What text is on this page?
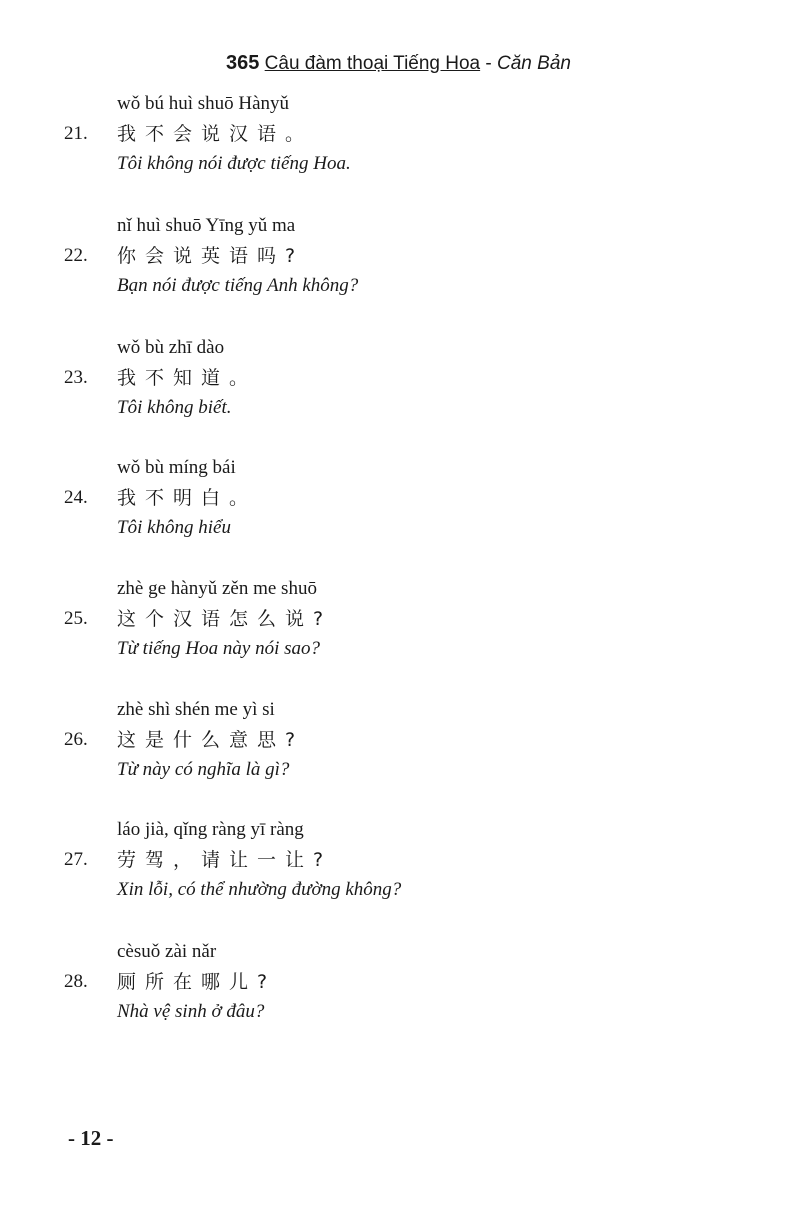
365 Câu đàm thoại Tiếng Hoa - Căn Bản
wǒ bú huì shuō Hànyǔ
21.	我不会说汉语。
Tôi không nói được tiếng Hoa.
nǐ huì shuō Yīng yǔ ma
22.	你会说英语吗?
Bạn nói được tiếng Anh không?
wǒ bù zhī dào
23.	我不知道。
Tôi không biết.
wǒ bù míng bái
24.	我不明白。
Tôi không hiểu
zhè ge hànyǔ zěn me shuō
25.	这个汉语怎么说?
Từ tiếng Hoa này nói sao?
zhè shì shén me yì si
26.	这是什么意思?
Từ này có nghĩa là gì?
láo jià, qǐng ràng yī ràng
27.	劳驾，请让一让?
Xin lỗi, có thể nhường đường không?
cèsuǒ zài nǎr
28.	厕所在哪儿?
Nhà vệ sinh ở đâu?
- 12 -
